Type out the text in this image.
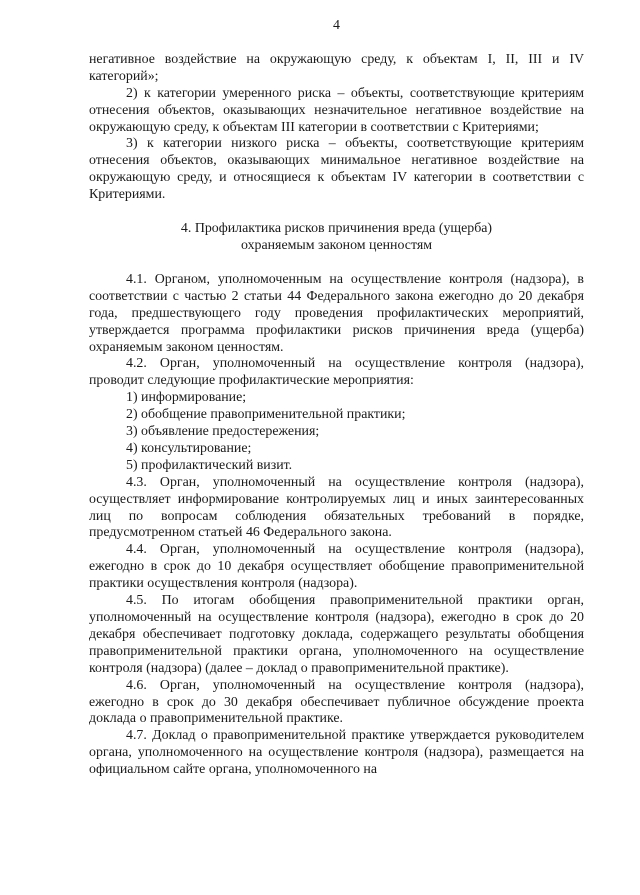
4

негативное воздействие на окружающую среду, к объектам I, II, III и IV категорий»;

2) к категории умеренного риска – объекты, соответствующие критериям отнесения объектов, оказывающих незначительное негативное воздействие на окружающую среду, к объектам III категории в соответствии с Критериями;

3) к категории низкого риска – объекты, соответствующие критериям отнесения объектов, оказывающих минимальное негативное воздействие на окружающую среду, и относящиеся к объектам IV категории в соответствии с Критериями.

4. Профилактика рисков причинения вреда (ущерба)
охраняемым законом ценностям

4.1. Органом, уполномоченным на осуществление контроля (надзора), в соответствии с частью 2 статьи 44 Федерального закона ежегодно до 20 декабря года, предшествующего году проведения профилактических мероприятий, утверждается программа профилактики рисков причинения вреда (ущерба) охраняемым законом ценностям.

4.2. Орган, уполномоченный на осуществление контроля (надзора), проводит следующие профилактические мероприятия:

1) информирование;

2) обобщение правоприменительной практики;

3) объявление предостережения;

4) консультирование;

5) профилактический визит.

4.3. Орган, уполномоченный на осуществление контроля (надзора), осуществляет информирование контролируемых лиц и иных заинтересованных лиц по вопросам соблюдения обязательных требований в порядке, предусмотренном статьей 46 Федерального закона.

4.4. Орган, уполномоченный на осуществление контроля (надзора), ежегодно в срок до 10 декабря осуществляет обобщение правоприменительной практики осуществления контроля (надзора).

4.5. По итогам обобщения правоприменительной практики орган, уполномоченный на осуществление контроля (надзора), ежегодно в срок до 20 декабря обеспечивает подготовку доклада, содержащего результаты обобщения правоприменительной практики органа, уполномоченного на осуществление контроля (надзора) (далее – доклад о правоприменительной практике).

4.6. Орган, уполномоченный на осуществление контроля (надзора), ежегодно в срок до 30 декабря обеспечивает публичное обсуждение проекта доклада о правоприменительной практике.

4.7. Доклад о правоприменительной практике утверждается руководителем органа, уполномоченного на осуществление контроля (надзора), размещается на официальном сайте органа, уполномоченного на
